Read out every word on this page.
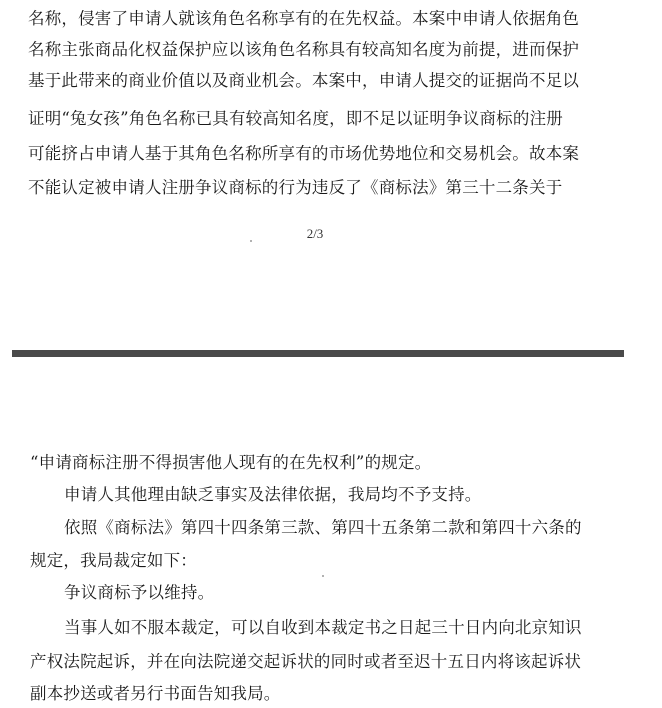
名称，侵害了申请人就该角色名称享有的在先权益。本案中申请人依据角色
名称主张商品化权益保护应以该角色名称具有较高知名度为前提，进而保护
基于此带来的商业价值以及商业机会。本案中，申请人提交的证据尚不足以
证明“兔女孩”角色名称已具有较高知名度，即不足以证明争议商标的注册
可能挤占申请人基于其角色名称所享有的市场优势地位和交易机会。故本案
不能认定被申请人注册争议商标的行为违反了《商标法》第三十二条关于
2/3
“申请商标注册不得损害他人现有的在先权利”的规定。
申请人其他理由缺乏事实及法律依据，我局均不予支持。
依照《商标法》第四十四条第三款、第四十五条第二款和第四十六条的
规定，我局裁定如下：
争议商标予以维持。
当事人如不服本裁定，可以自收到本裁定书之日起三十日内向北京知识
产权法院起诉，并在向法院递交起诉状的同时或者至迟十五日内将该起诉状
副本抄送或者另行书面告知我局。
